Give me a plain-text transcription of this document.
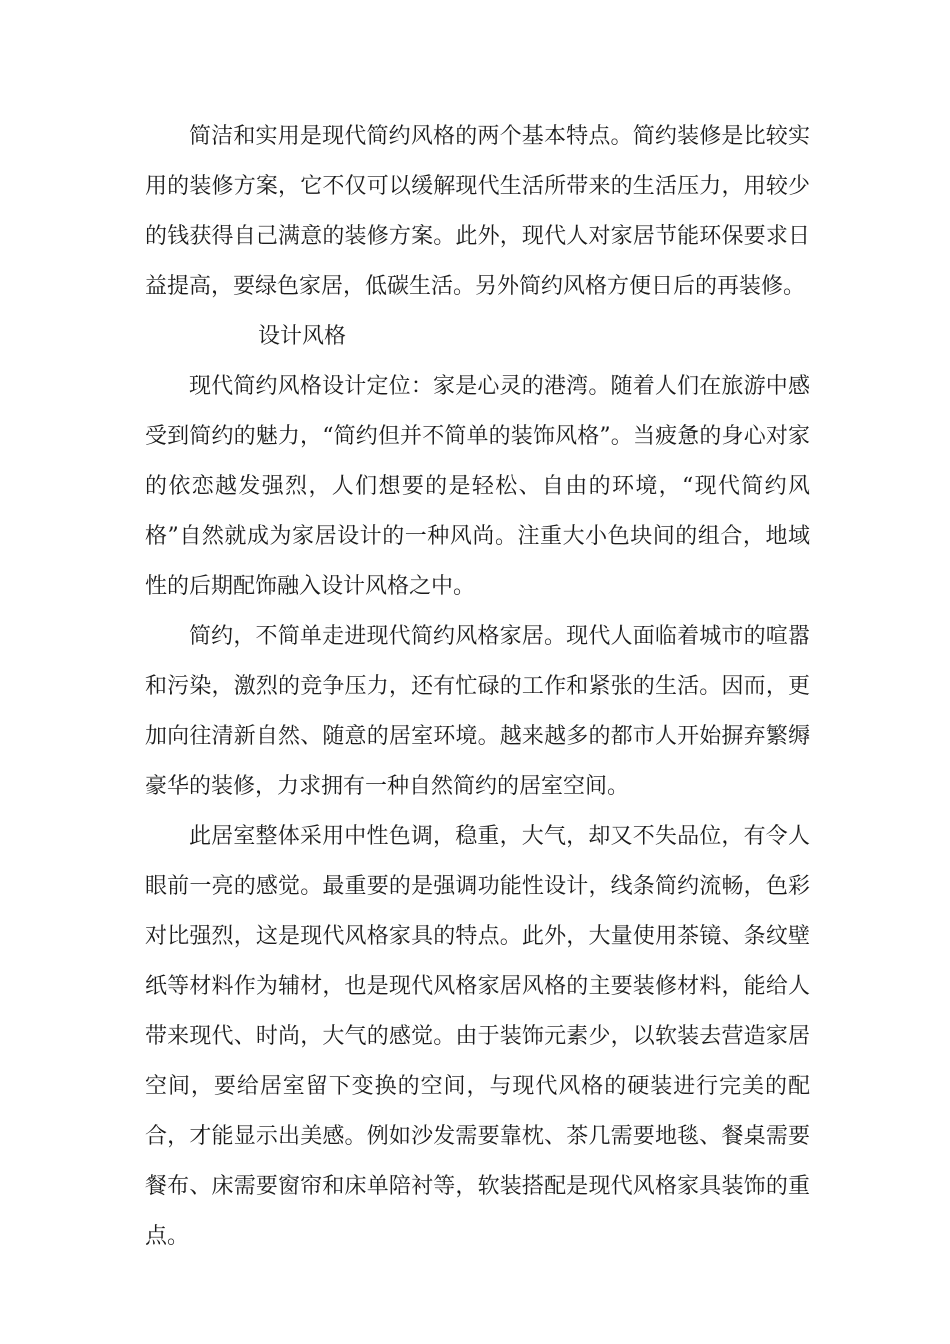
简洁和实用是现代简约风格的两个基本特点。简约装修是比较实用的装修方案，它不仅可以缓解现代生活所带来的生活压力，用较少的钱获得自己满意的装修方案。此外，现代人对家居节能环保要求日益提高，要绿色家居，低碳生活。另外简约风格方便日后的再装修。

设计风格

现代简约风格设计定位：家是心灵的港湾。随着人们在旅游中感受到简约的魅力，“简约但并不简单的装饰风格”。当疲惫的身心对家的依恋越发强烈，人们想要的是轻松、自由的环境，“现代简约风格”自然就成为家居设计的一种风尚。注重大小色块间的组合，地域性的后期配饰融入设计风格之中。

简约，不简单走进现代简约风格家居。现代人面临着城市的喧嚣和污染，激烈的竞争压力，还有忙碌的工作和紧张的生活。因而，更加向往清新自然、随意的居室环境。越来越多的都市人开始摒弃繁缛豪华的装修，力求拥有一种自然简约的居室空间。

此居室整体采用中性色调，稳重，大气，却又不失品位，有令人眼前一亮的感觉。最重要的是强调功能性设计，线条简约流畅，色彩对比强烈，这是现代风格家具的特点。此外，大量使用茶镜、条纹壁纸等材料作为辅材，也是现代风格家居风格的主要装修材料，能给人带来现代、时尚，大气的感觉。由于装饰元素少，以软装去营造家居空间，要给居室留下变换的空间，与现代风格的硬装进行完美的配合，才能显示出美感。例如沙发需要靠枕、茶几需要地毯、餐桌需要餐布、床需要窗帘和床单陪衬等，软装搭配是现代风格家具装饰的重点。
